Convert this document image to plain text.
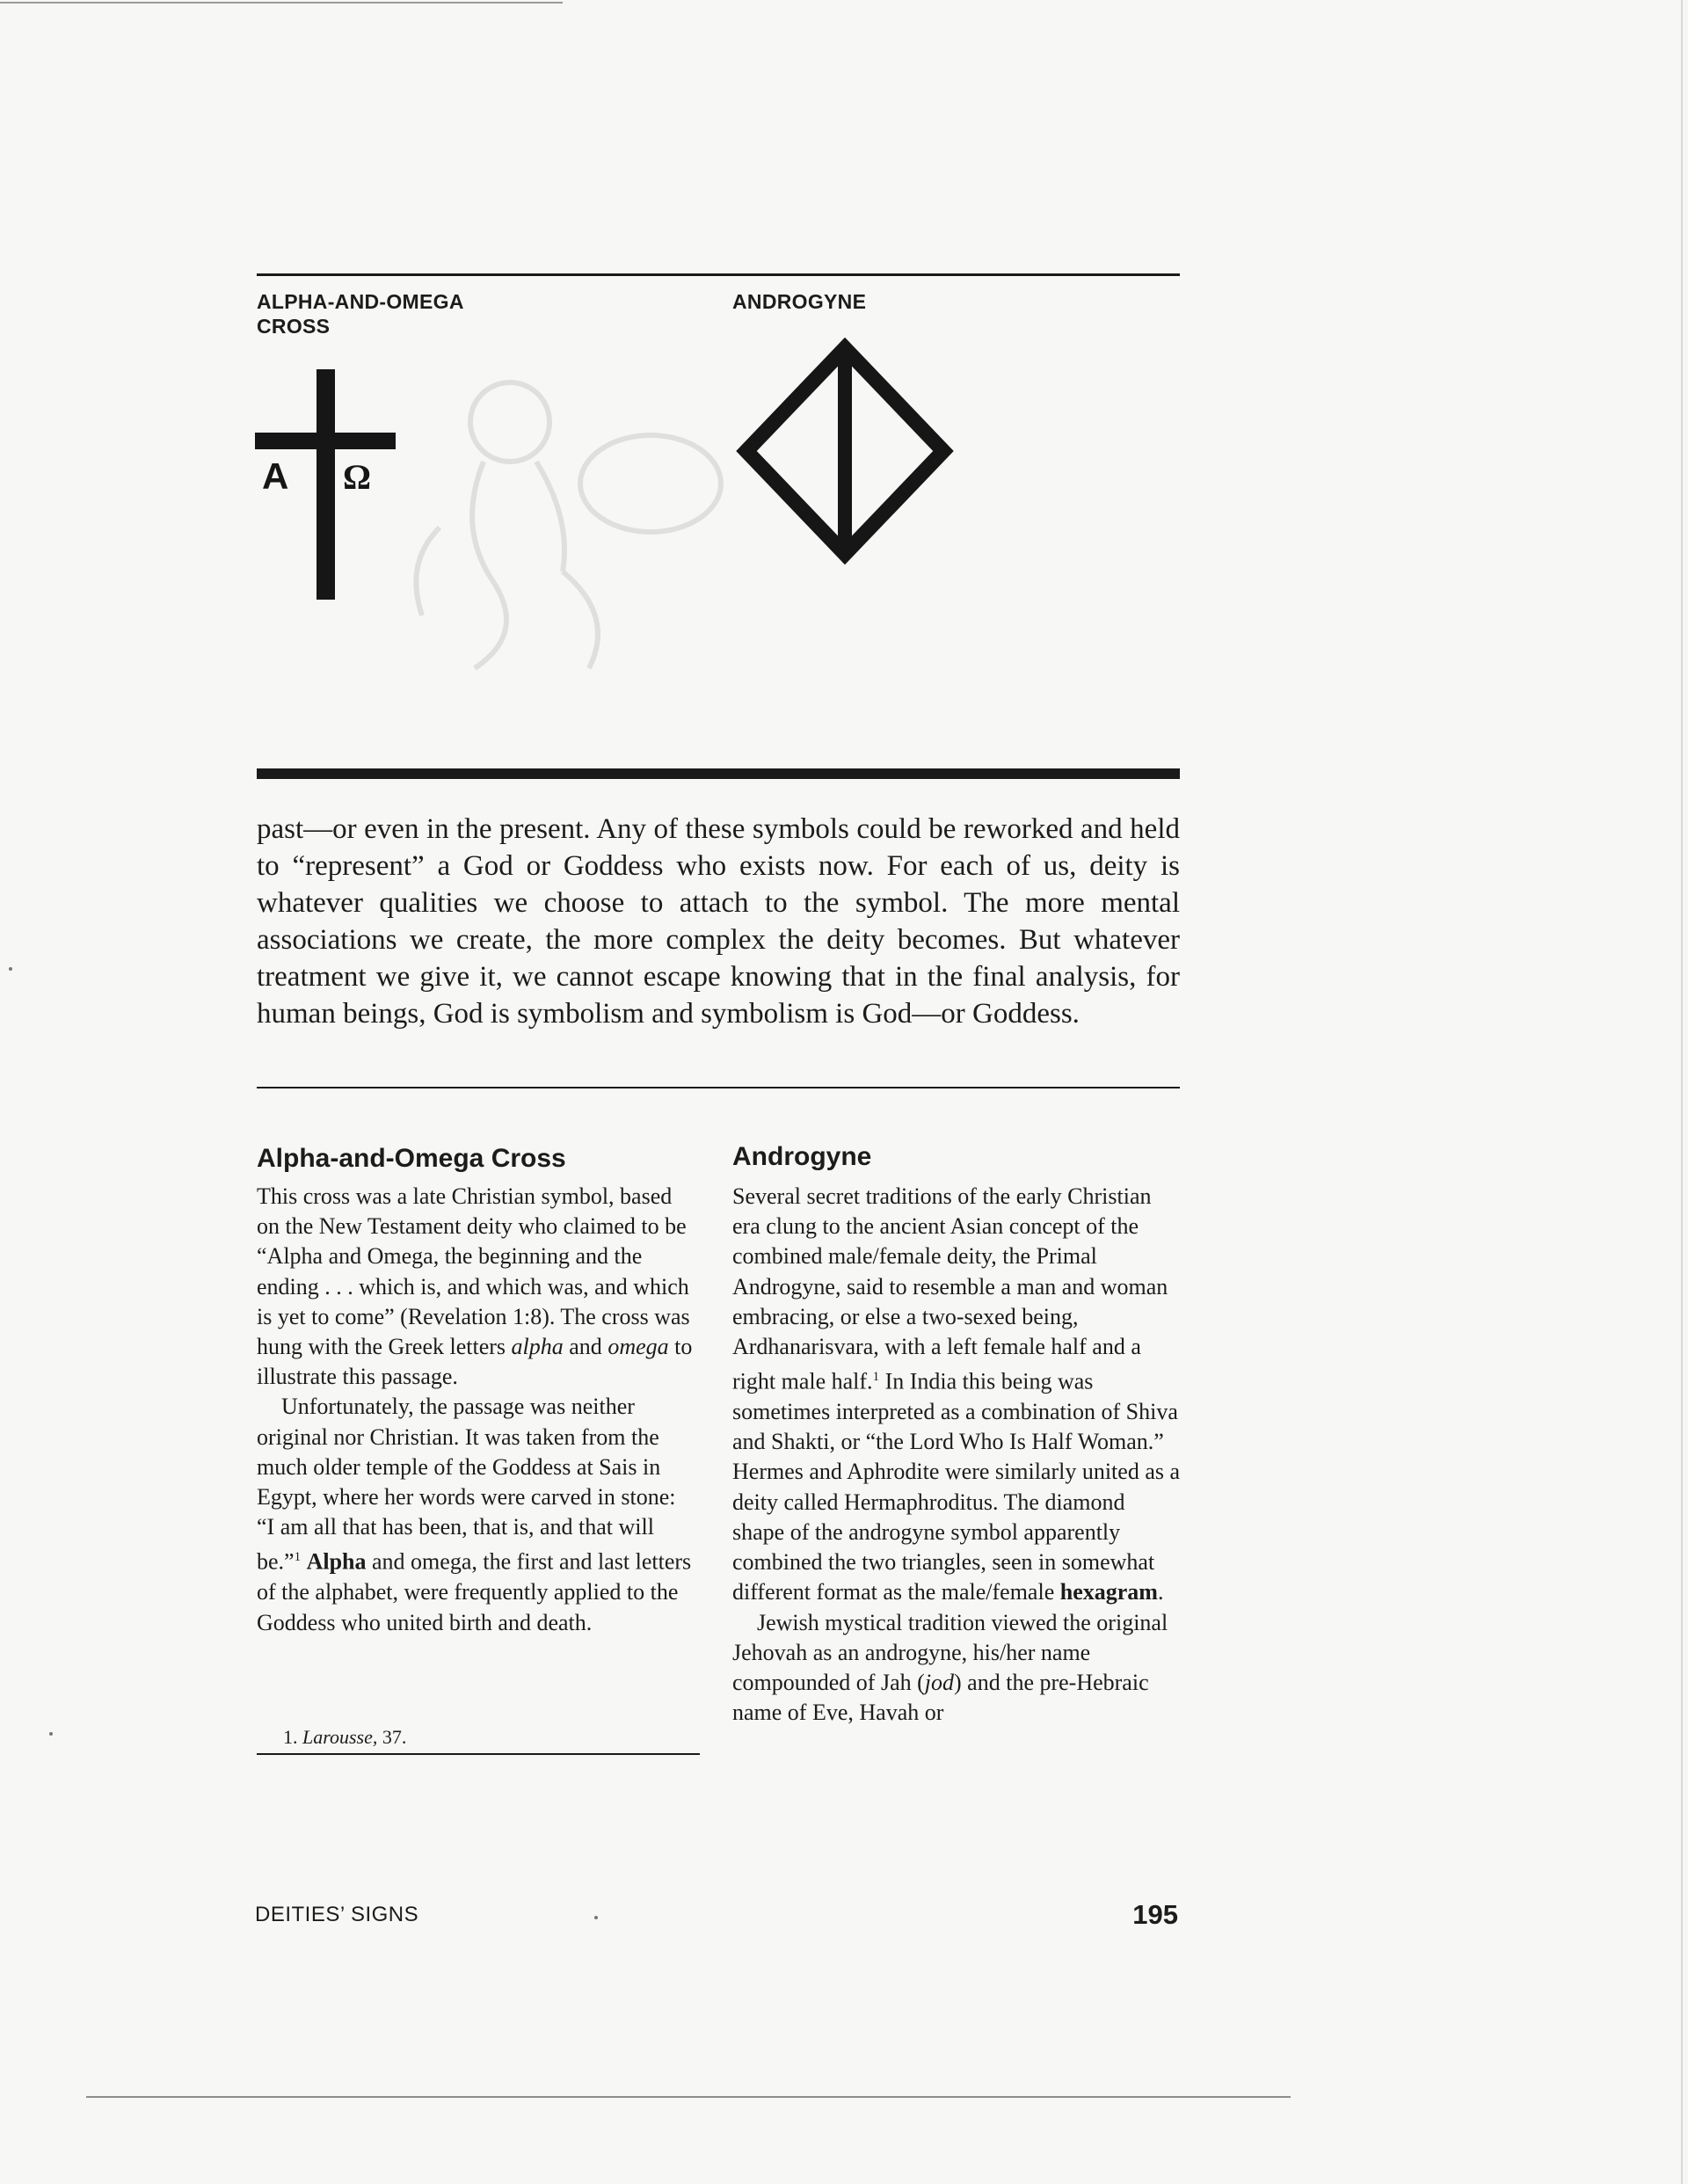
ALPHA-AND-OMEGA
CROSS
ANDROGYNE
A Ω

past—or even in the present. Any of these symbols could be reworked and held to “represent” a God or Goddess who exists now. For each of us, deity is whatever qualities we choose to attach to the symbol. The more mental associations we create, the more complex the deity becomes. But whatever treatment we give it, we cannot escape knowing that in the final analysis, for human beings, God is symbolism and symbolism is God—or Goddess.

Alpha-and-Omega Cross

This cross was a late Christian symbol, based on the New Testament deity who claimed to be “Alpha and Omega, the beginning and the ending . . . which is, and which was, and which is yet to come” (Revelation 1:8). The cross was hung with the Greek letters alpha and omega to illustrate this passage.

Unfortunately, the passage was neither original nor Christian. It was taken from the much older temple of the Goddess at Sais in Egypt, where her words were carved in stone: “I am all that has been, that is, and that will be.”$^1$ Alpha and omega, the first and last letters of the alphabet, were frequently applied to the Goddess who united birth and death.

1. Larousse, 37.
Androgyne

Several secret traditions of the early Christian era clung to the ancient Asian concept of the combined male/female deity, the Primal Androgyne, said to resemble a man and woman embracing, or else a two-sexed being, Ardhanarisvara, with a left female half and a right male half.$^1$ In India this being was sometimes interpreted as a combination of Shiva and Shakti, or “the Lord Who Is Half Woman.” Hermes and Aphrodite were similarly united as a deity called Hermaphroditus. The diamond shape of the androgyne symbol apparently combined the two triangles, seen in somewhat different format as the male/female hexagram.

Jewish mystical tradition viewed the original Jehovah as an androgyne, his/her name compounded of Jah (jod) and the pre-Hebraic name of Eve, Havah or

DEITIES’ SIGNS	195
